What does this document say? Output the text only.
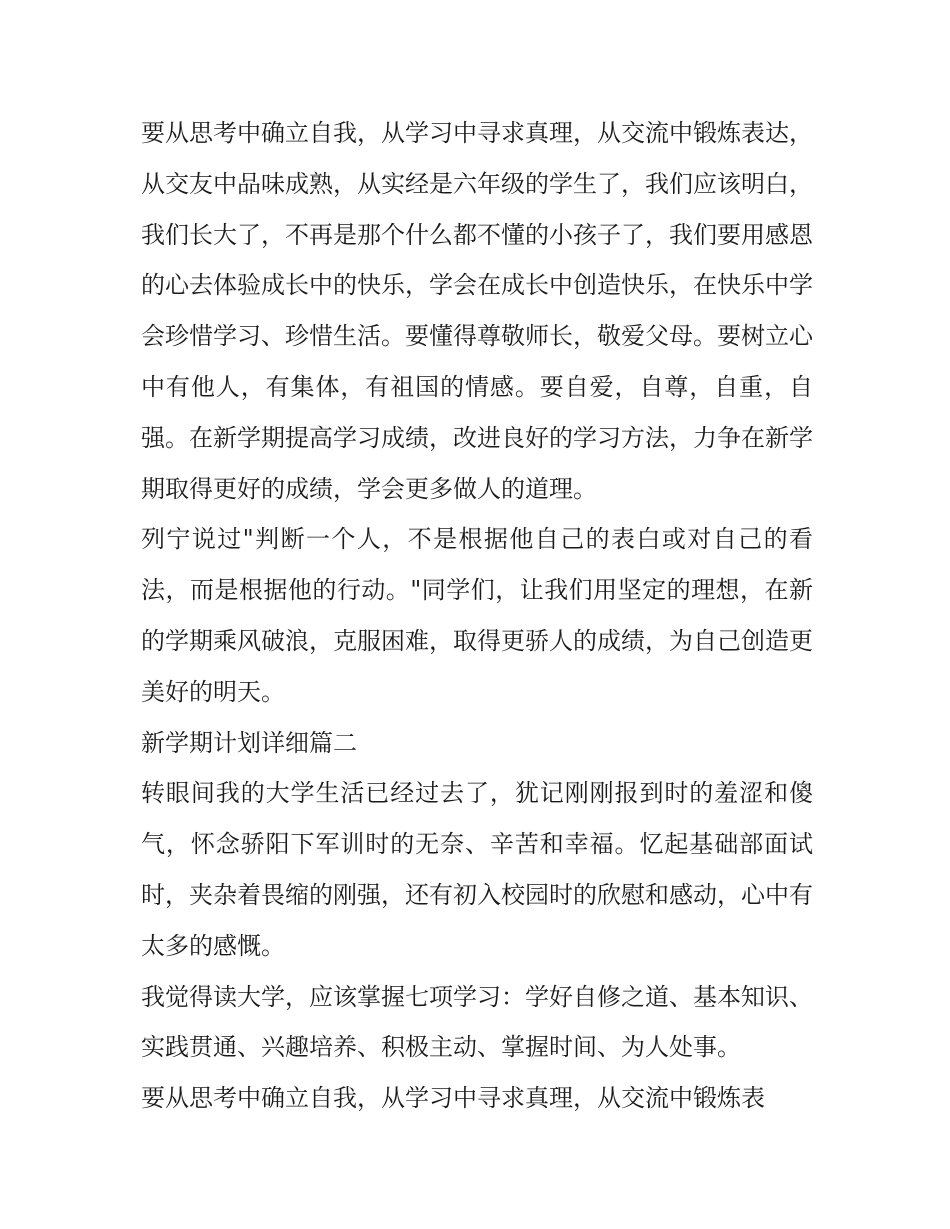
要从思考中确立自我，从学习中寻求真理，从交流中锻炼表达，从交友中品味成熟，从实经是六年级的学生了，我们应该明白，我们长大了，不再是那个什么都不懂的小孩子了，我们要用感恩的心去体验成长中的快乐，学会在成长中创造快乐，在快乐中学会珍惜学习、珍惜生活。要懂得尊敬师长，敬爱父母。要树立心中有他人，有集体，有祖国的情感。要自爱，自尊，自重，自强。在新学期提高学习成绩，改进良好的学习方法，力争在新学期取得更好的成绩，学会更多做人的道理。

列宁说过"判断一个人，不是根据他自己的表白或对自己的看法，而是根据他的行动。"同学们，让我们用坚定的理想，在新的学期乘风破浪，克服困难，取得更骄人的成绩，为自己创造更美好的明天。

新学期计划详细篇二

转眼间我的大学生活已经过去了，犹记刚刚报到时的羞涩和傻气，怀念骄阳下军训时的无奈、辛苦和幸福。忆起基础部面试时，夹杂着畏缩的刚强，还有初入校园时的欣慰和感动，心中有太多的感慨。

我觉得读大学，应该掌握七项学习：学好自修之道、基本知识、实践贯通、兴趣培养、积极主动、掌握时间、为人处事。

要从思考中确立自我，从学习中寻求真理，从交流中锻炼表
